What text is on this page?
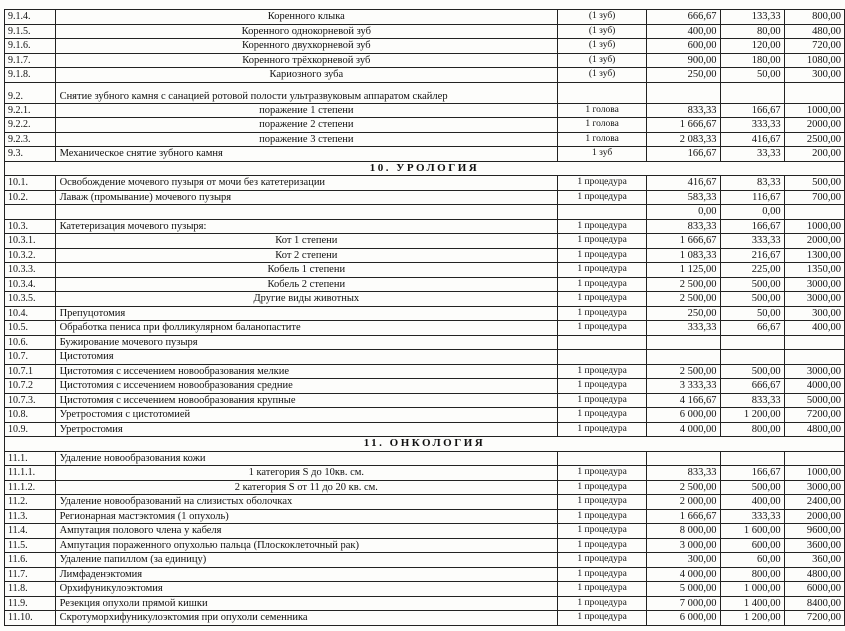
9.1.4.	Коренного клыка	(1 зуб)	666,67	133,33	800,00
9.1.5.	Коренного однокорневой зуб	(1 зуб)	400,00	80,00	480,00
9.1.6.	Коренного двухкорневой зуб	(1 зуб)	600,00	120,00	720,00
9.1.7.	Коренного трёхкорневой зуб	(1 зуб)	900,00	180,00	1080,00
9.1.8.	Кариозного зуба	(1 зуб)	250,00	50,00	300,00
9.2.	Снятие зубного камня с санацией ротовой полости ультразвуковым аппаратом скайлер				
9.2.1.	поражение 1 степени	1 голова	833,33	166,67	1000,00
9.2.2.	поражение 2 степени	1 голова	1 666,67	333,33	2000,00
9.2.3.	поражение 3 степени	1 голова	2 083,33	416,67	2500,00
9.3.	Механическое снятие зубного камня	1 зуб	166,67	33,33	200,00
10. УРОЛОГИЯ					
10.1.	Освобождение мочевого пузыря от мочи без катетеризации	1 процедура	416,67	83,33	500,00
10.2.	Лаваж (промывание) мочевого пузыря	1 процедура	583,33	116,67	700,00
			0,00	0,00	
10.3.	Катетеризация мочевого пузыря:	1 процедура	833,33	166,67	1000,00
10.3.1.	Кот 1 степени	1 процедура	1 666,67	333,33	2000,00
10.3.2.	Кот 2 степени	1 процедура	1 083,33	216,67	1300,00
10.3.3.	Кобель 1 степени	1 процедура	1 125,00	225,00	1350,00
10.3.4.	Кобель 2 степени	1 процедура	2 500,00	500,00	3000,00
10.3.5.	Другие виды животных	1 процедура	2 500,00	500,00	3000,00
10.4.	Препуцотомия	1 процедура	250,00	50,00	300,00
10.5.	Обработка пениса при фолликулярном баланопастите	1 процедура	333,33	66,67	400,00
10.6.	Бужирование мочевого пузыря				
10.7.	Цистотомия				
10.7.1	Цистотомия с иссечением новообразования мелкие	1 процедура	2 500,00	500,00	3000,00
10.7.2	Цистотомия с иссечением новообразования средние	1 процедура	3 333,33	666,67	4000,00
10.7.3.	Цистотомия с иссечением новообразования крупные	1 процедура	4 166,67	833,33	5000,00
10.8.	Уретростомия с цистотомией	1 процедура	6 000,00	1 200,00	7200,00
10.9.	Уретростомия	1 процедура	4 000,00	800,00	4800,00
11. ОНКОЛОГИЯ					
11.1.	Удаление новообразования кожи				
11.1.1.	1 категория S до 10кв. см.	1 процедура	833,33	166,67	1000,00
11.1.2.	2 категория S от 11 до 20 кв. см.	1 процедура	2 500,00	500,00	3000,00
11.2.	Удаление новообразований на слизистых оболочках	1 процедура	2 000,00	400,00	2400,00
11.3.	Регионарная мастэктомия (1 опухоль)	1 процедура	1 666,67	333,33	2000,00
11.4.	Ампутация полового члена у кабеля	1 процедура	8 000,00	1 600,00	9600,00
11.5.	Ампутация пораженного опухолью пальца (Плоскоклеточный рак)	1 процедура	3 000,00	600,00	3600,00
11.6.	Удаление папиллом (за единицу)	1 процедура	300,00	60,00	360,00
11.7.	Лимфаденэктомия	1 процедура	4 000,00	800,00	4800,00
11.8.	Орхифуникулоэктомия	1 процедура	5 000,00	1 000,00	6000,00
11.9.	Резекция опухоли прямой кишки	1 процедура	7 000,00	1 400,00	8400,00
11.10.	Скротуморхифуникулоэктомия при опухоли семенника	1 процедура	6 000,00	1 200,00	7200,00
